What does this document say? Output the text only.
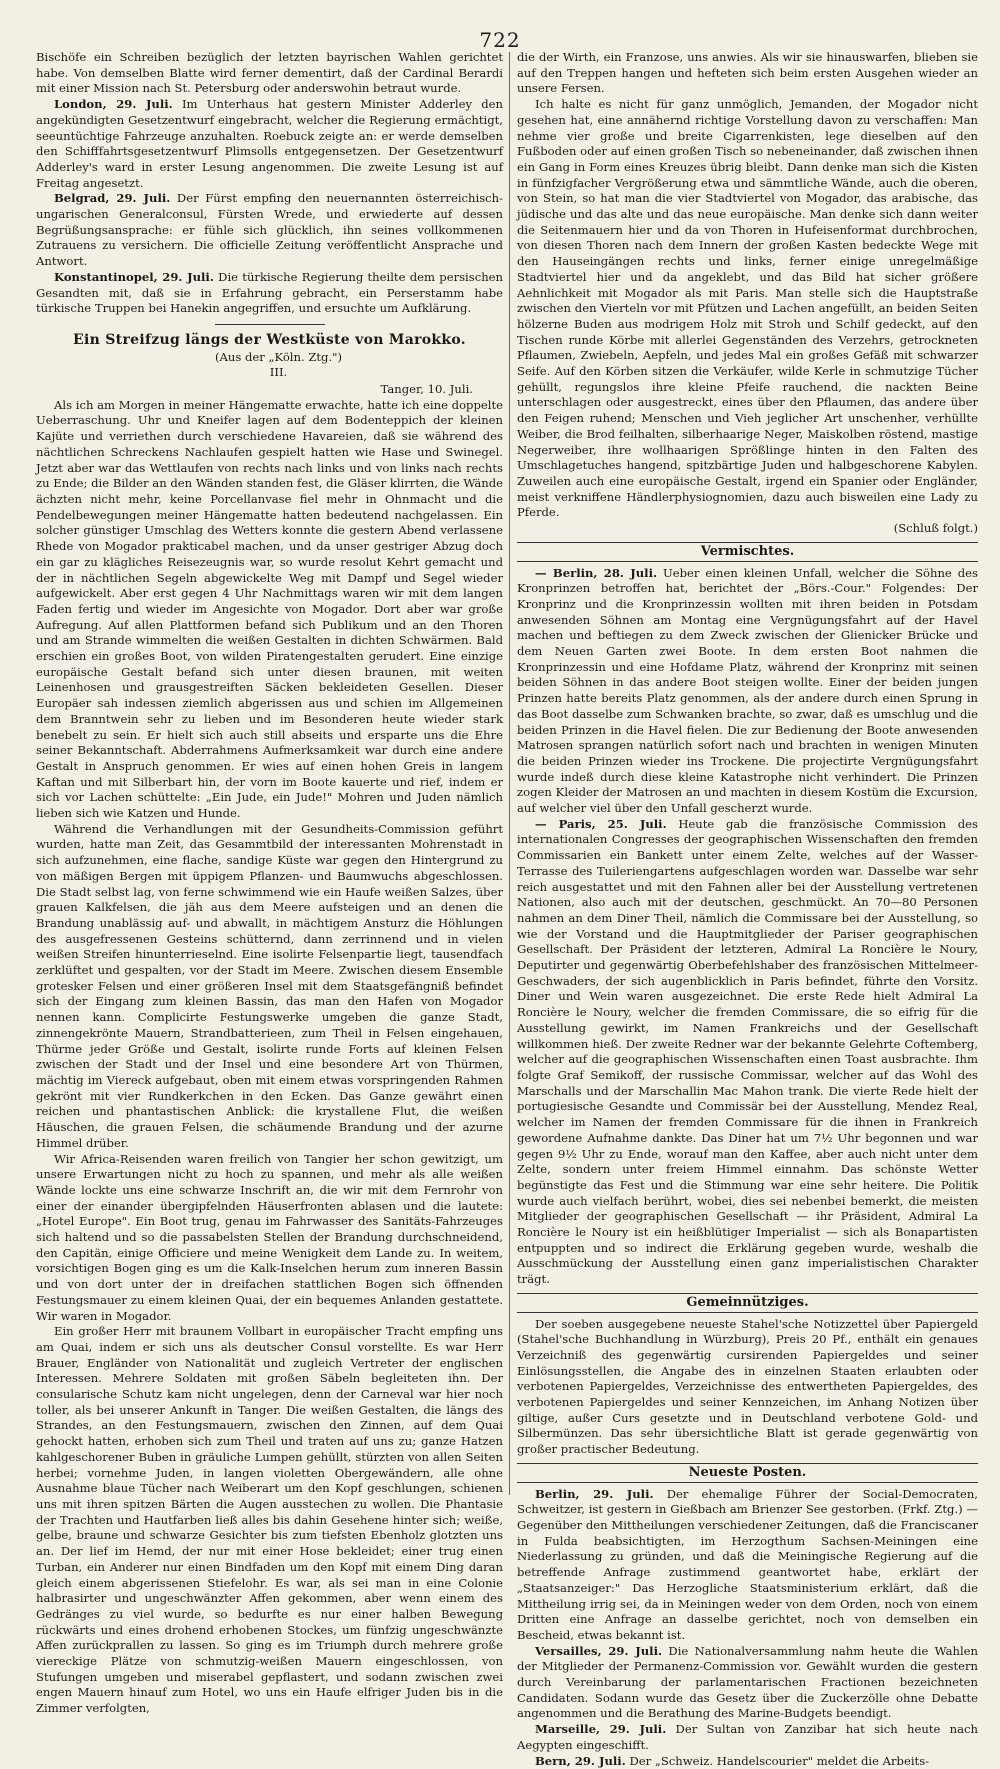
722

Bischöfe ein Schreiben bezüglich der letzten bayrischen Wahlen gerichtet habe. Von demselben Blatte wird ferner dementirt, daß der Cardinal Berardi mit einer Mission nach St. Petersburg oder anderswohin betraut wurde.

London, 29. Juli. Im Unterhaus hat gestern Minister Adderley den angekündigten Gesetzentwurf eingebracht, welcher die Regierung ermächtigt, seeuntüchtige Fahrzeuge anzuhalten. Roebuck zeigte an: er werde demselben den Schifffahrtsgesetzentwurf Plimsolls entgegensetzen. Der Gesetzentwurf Adderley's ward in erster Lesung angenommen. Die zweite Lesung ist auf Freitag angesetzt.

Belgrad, 29. Juli. Der Fürst empfing den neuernannten österreichisch-ungarischen Generalconsul, Fürsten Wrede, und erwiederte auf dessen Begrüßungsansprache: er fühle sich glücklich, ihn seines vollkommenen Zutrauens zu versichern. Die officielle Zeitung veröffentlicht Ansprache und Antwort.

Konstantinopel, 29. Juli. Die türkische Regierung theilte dem persischen Gesandten mit, daß sie in Erfahrung gebracht, ein Perserstamm habe türkische Truppen bei Hanekin angegriffen, und ersuchte um Aufklärung.

Ein Streifzug längs der Westküste von Marokko.

(Aus der „Köln. Ztg.")

III.

Tanger, 10. Juli.

Als ich am Morgen in meiner Hängematte erwachte, hatte ich eine doppelte Ueberraschung. Uhr und Kneifer lagen auf dem Bodenteppich der kleinen Kajüte und verriethen durch verschiedene Havareien, daß sie während des nächtlichen Schreckens Nachlaufen gespielt hatten wie Hase und Swinegel. Jetzt aber war das Wettlaufen von rechts nach links und von links nach rechts zu Ende; die Bilder an den Wänden standen fest, die Gläser klirrten, die Wände ächzten nicht mehr, keine Porcellanvase fiel mehr in Ohnmacht und die Pendelbewegungen meiner Hängematte hatten bedeutend nachgelassen. Ein solcher günstiger Umschlag des Wetters konnte die gestern Abend verlassene Rhede von Mogador prakticabel machen, und da unser gestriger Abzug doch ein gar zu klägliches Reisezeugnis war, so wurde resolut Kehrt gemacht und der in nächtlichen Segeln abgewickelte Weg mit Dampf und Segel wieder aufgewickelt. Aber erst gegen 4 Uhr Nachmittags waren wir mit dem langen Faden fertig und wieder im Angesichte von Mogador. Dort aber war große Aufregung. Auf allen Plattformen befand sich Publikum und an den Thoren und am Strande wimmelten die weißen Gestalten in dichten Schwärmen. Bald erschien ein großes Boot, von wilden Piratengestalten gerudert. Eine einzige europäische Gestalt befand sich unter diesen braunen, mit weiten Leinenhosen und grausgestreiften Säcken bekleideten Gesellen. Dieser Europäer sah indessen ziemlich abgerissen aus und schien im Allgemeinen dem Branntwein sehr zu lieben und im Besonderen heute wieder stark benebelt zu sein. Er hielt sich auch still abseits und ersparte uns die Ehre seiner Bekanntschaft. Abderrahmens Aufmerksamkeit war durch eine andere Gestalt in Anspruch genommen. Er wies auf einen hohen Greis in langem Kaftan und mit Silberbart hin, der vorn im Boote kauerte und rief, indem er sich vor Lachen schüttelte: „Ein Jude, ein Jude!" Mohren und Juden nämlich lieben sich wie Katzen und Hunde.

Während die Verhandlungen mit der Gesundheits-Commission geführt wurden, hatte man Zeit, das Gesammtbild der interessanten Mohrenstadt in sich aufzunehmen, eine flache, sandige Küste war gegen den Hintergrund zu von mäßigen Bergen mit üppigem Pflanzen- und Baumwuchs abgeschlossen. Die Stadt selbst lag, von ferne schwimmend wie ein Haufe weißen Salzes, über grauen Kalkfelsen, die jäh aus dem Meere aufsteigen und an denen die Brandung unablässig auf- und abwallt, in mächtigem Ansturz die Höhlungen des ausgefressenen Gesteins schütternd, dann zerrinnend und in vielen weißen Streifen hinunterrieselnd. Eine isolirte Felsenpartie liegt, tausendfach zerklüftet und gespalten, vor der Stadt im Meere. Zwischen diesem Ensemble grotesker Felsen und einer größeren Insel mit dem Staatsgefängniß befindet sich der Eingang zum kleinen Bassin, das man den Hafen von Mogador nennen kann. Complicirte Festungswerke umgeben die ganze Stadt, zinnengekrönte Mauern, Strandbatterieen, zum Theil in Felsen eingehauen, Thürme jeder Größe und Gestalt, isolirte runde Forts auf kleinen Felsen zwischen der Stadt und der Insel und eine besondere Art von Thürmen, mächtig im Viereck aufgebaut, oben mit einem etwas vorspringenden Rahmen gekrönt mit vier Rundkerkchen in den Ecken. Das Ganze gewährt einen reichen und phantastischen Anblick: die krystallene Flut, die weißen Häuschen, die grauen Felsen, die schäumende Brandung und der azurne Himmel drüber.

Wir Africa-Reisenden waren freilich von Tangier her schon gewitzigt, um unsere Erwartungen nicht zu hoch zu spannen, und mehr als alle weißen Wände lockte uns eine schwarze Inschrift an, die wir mit dem Fernrohr von einer der einander übergipfelnden Häuserfronten ablasen und die lautete: „Hotel Europe". Ein Boot trug, genau im Fahrwasser des Sanitäts-Fahrzeuges sich haltend und so die passabelsten Stellen der Brandung durchschneidend, den Capitän, einige Officiere und meine Wenigkeit dem Lande zu. In weitem, vorsichtigen Bogen ging es um die Kalk-Inselchen herum zum inneren Bassin und von dort unter der in dreifachen stattlichen Bogen sich öffnenden Festungsmauer zu einem kleinen Quai, der ein bequemes Anlanden gestattete. Wir waren in Mogador.

Ein großer Herr mit braunem Vollbart in europäischer Tracht empfing uns am Quai, indem er sich uns als deutscher Consul vorstellte. Es war Herr Brauer, Engländer von Nationalität und zugleich Vertreter der englischen Interessen. Mehrere Soldaten mit großen Säbeln begleiteten ihn. Der consularische Schutz kam nicht ungelegen, denn der Carneval war hier noch toller, als bei unserer Ankunft in Tanger. Die weißen Gestalten, die längs des Strandes, an den Festungsmauern, zwischen den Zinnen, auf dem Quai gehockt hatten, erhoben sich zum Theil und traten auf uns zu; ganze Hatzen kahlgeschorener Buben in gräuliche Lumpen gehüllt, stürzten von allen Seiten herbei; vornehme Juden, in langen violetten Obergewändern, alle ohne Ausnahme blaue Tücher nach Weiberart um den Kopf geschlungen, schienen uns mit ihren spitzen Bärten die Augen ausstechen zu wollen. Die Phantasie der Trachten und Hautfarben ließ alles bis dahin Gesehene hinter sich; weiße, gelbe, braune und schwarze Gesichter bis zum tiefsten Ebenholz glotzten uns an. Der lief im Hemd, der nur mit einer Hose bekleidet; einer trug einen Turban, ein Anderer nur einen Bindfaden um den Kopf mit einem Ding daran gleich einem abgerissenen Stiefelohr. Es war, als sei man in eine Colonie halbrasirter und ungeschwänzter Affen gekommen, aber wenn einem des Gedränges zu viel wurde, so bedurfte es nur einer halben Bewegung rückwärts und eines drohend erhobenen Stockes, um fünfzig ungeschwänzte Affen zurückprallen zu lassen. So ging es im Triumph durch mehrere große viereckige Plätze von schmutzig-weißen Mauern eingeschlossen, von Stufungen umgeben und miserabel gepflastert, und sodann zwischen zwei engen Mauern hinauf zum Hotel, wo uns ein Haufe elfriger Juden bis in die Zimmer verfolgten,

die der Wirth, ein Franzose, uns anwies. Als wir sie hinauswarfen, blieben sie auf den Treppen hangen und hefteten sich beim ersten Ausgehen wieder an unsere Fersen.

Ich halte es nicht für ganz unmöglich, Jemanden, der Mogador nicht gesehen hat, eine annähernd richtige Vorstellung davon zu verschaffen: Man nehme vier große und breite Cigarrenkisten, lege dieselben auf den Fußboden oder auf einen großen Tisch so nebeneinander, daß zwischen ihnen ein Gang in Form eines Kreuzes übrig bleibt. Dann denke man sich die Kisten in fünfzigfacher Vergrößerung etwa und sämmtliche Wände, auch die oberen, von Stein, so hat man die vier Stadtviertel von Mogador, das arabische, das jüdische und das alte und das neue europäische. Man denke sich dann weiter die Seitenmauern hier und da von Thoren in Hufeisenformat durchbrochen, von diesen Thoren nach dem Innern der großen Kasten bedeckte Wege mit den Hauseingängen rechts und links, ferner einige unregelmäßige Stadtviertel hier und da angeklebt, und das Bild hat sicher größere Aehnlichkeit mit Mogador als mit Paris. Man stelle sich die Hauptstraße zwischen den Vierteln vor mit Pfützen und Lachen angefüllt, an beiden Seiten hölzerne Buden aus modrigem Holz mit Stroh und Schilf gedeckt, auf den Tischen runde Körbe mit allerlei Gegenständen des Verzehrs, getrockneten Pflaumen, Zwiebeln, Aepfeln, und jedes Mal ein großes Gefäß mit schwarzer Seife. Auf den Körben sitzen die Verkäufer, wilde Kerle in schmutzige Tücher gehüllt, regungslos ihre kleine Pfeife rauchend, die nackten Beine unterschlagen oder ausgestreckt, eines über den Pflaumen, das andere über den Feigen ruhend; Menschen und Vieh jeglicher Art unschenher, verhüllte Weiber, die Brod feilhalten, silberhaarige Neger, Maiskolben röstend, mastige Negerweiber, ihre wollhaarigen Sprößlinge hinten in den Falten des Umschlagetuches hangend, spitzbärtige Juden und halbgeschorene Kabylen. Zuweilen auch eine europäische Gestalt, irgend ein Spanier oder Engländer, meist verkniffene Händlerphysiognomien, dazu auch bisweilen eine Lady zu Pferde.

(Schluß folgt.)

Vermischtes.

— Berlin, 28. Juli. Ueber einen kleinen Unfall, welcher die Söhne des Kronprinzen betroffen hat, berichtet der „Börs.-Cour." Folgendes: Der Kronprinz und die Kronprinzessin wollten mit ihren beiden in Potsdam anwesenden Söhnen am Montag eine Vergnügungsfahrt auf der Havel machen und beftiegen zu dem Zweck zwischen der Glienicker Brücke und dem Neuen Garten zwei Boote. In dem ersten Boot nahmen die Kronprinzessin und eine Hofdame Platz, während der Kronprinz mit seinen beiden Söhnen in das andere Boot steigen wollte. Einer der beiden jungen Prinzen hatte bereits Platz genommen, als der andere durch einen Sprung in das Boot dasselbe zum Schwanken brachte, so zwar, daß es umschlug und die beiden Prinzen in die Havel fielen. Die zur Bedienung der Boote anwesenden Matrosen sprangen natürlich sofort nach und brachten in wenigen Minuten die beiden Prinzen wieder ins Trockene. Die projectirte Vergnügungsfahrt wurde indeß durch diese kleine Katastrophe nicht verhindert. Die Prinzen zogen Kleider der Matrosen an und machten in diesem Kostüm die Excursion, auf welcher viel über den Unfall gescherzt wurde.

— Paris, 25. Juli. Heute gab die französische Commission des internationalen Congresses der geographischen Wissenschaften den fremden Commissarien ein Bankett unter einem Zelte, welches auf der Wasser-Terrasse des Tuileriengartens aufgeschlagen worden war. Dasselbe war sehr reich ausgestattet und mit den Fahnen aller bei der Ausstellung vertretenen Nationen, also auch mit der deutschen, geschmückt. An 70—80 Personen nahmen an dem Diner Theil, nämlich die Commissare bei der Ausstellung, so wie der Vorstand und die Hauptmitglieder der Pariser geographischen Gesellschaft. Der Präsident der letzteren, Admiral La Roncière le Noury, Deputirter und gegenwärtig Oberbefehlshaber des französischen Mittelmeer-Geschwaders, der sich augenblicklich in Paris befindet, führte den Vorsitz. Diner und Wein waren ausgezeichnet. Die erste Rede hielt Admiral La Roncière le Noury, welcher die fremden Commissare, die so eifrig für die Ausstellung gewirkt, im Namen Frankreichs und der Gesellschaft willkommen hieß. Der zweite Redner war der bekannte Gelehrte Coftemberg, welcher auf die geographischen Wissenschaften einen Toast ausbrachte. Ihm folgte Graf Semikoff, der russische Commissar, welcher auf das Wohl des Marschalls und der Marschallin Mac Mahon trank. Die vierte Rede hielt der portugiesische Gesandte und Commissär bei der Ausstellung, Mendez Real, welcher im Namen der fremden Commissare für die ihnen in Frankreich gewordene Aufnahme dankte. Das Diner hat um 7½ Uhr begonnen und war gegen 9½ Uhr zu Ende, worauf man den Kaffee, aber auch nicht unter dem Zelte, sondern unter freiem Himmel einnahm. Das schönste Wetter begünstigte das Fest und die Stimmung war eine sehr heitere. Die Politik wurde auch vielfach berührt, wobei, dies sei nebenbei bemerkt, die meisten Mitglieder der geographischen Gesellschaft — ihr Präsident, Admiral La Roncière le Noury ist ein heißblütiger Imperialist — sich als Bonapartisten entpuppten und so indirect die Erklärung gegeben wurde, weshalb die Ausschmückung der Ausstellung einen ganz imperialistischen Charakter trägt.

Gemeinnütziges.

Der soeben ausgegebene neueste Stahel'sche Notizzettel über Papiergeld (Stahel'sche Buchhandlung in Würzburg), Preis 20 Pf., enthält ein genaues Verzeichniß des gegenwärtig cursirenden Papiergeldes und seiner Einlösungsstellen, die Angabe des in einzelnen Staaten erlaubten oder verbotenen Papiergeldes, Verzeichnisse des entwertheten Papiergeldes, des verbotenen Papiergeldes und seiner Kennzeichen, im Anhang Notizen über giltige, außer Curs gesetzte und in Deutschland verbotene Gold- und Silbermünzen. Das sehr übersichtliche Blatt ist gerade gegenwärtig von großer practischer Bedeutung.

Neueste Posten.

Berlin, 29. Juli. Der ehemalige Führer der Social-Democraten, Schweitzer, ist gestern in Gießbach am Brienzer See gestorben. (Frkf. Ztg.) — Gegenüber den Mittheilungen verschiedener Zeitungen, daß die Franciscaner in Fulda beabsichtigten, im Herzogthum Sachsen-Meiningen eine Niederlassung zu gründen, und daß die Meiningische Regierung auf die betreffende Anfrage zustimmend geantwortet habe, erklärt der „Staatsanzeiger:" Das Herzogliche Staatsministerium erklärt, daß die Mittheilung irrig sei, da in Meiningen weder von dem Orden, noch von einem Dritten eine Anfrage an dasselbe gerichtet, noch von demselben ein Bescheid, etwas bekannt ist.

Versailles, 29. Juli. Die Nationalversammlung nahm heute die Wahlen der Mitglieder der Permanenz-Commission vor. Gewählt wurden die gestern durch Vereinbarung der parlamentarischen Fractionen bezeichneten Candidaten. Sodann wurde das Gesetz über die Zuckerzölle ohne Debatte angenommen und die Berathung des Marine-Budgets beendigt.

Marseille, 29. Juli. Der Sultan von Zanzibar hat sich heute nach Aegypten eingeschifft.

Bern, 29. Juli. Der „Schweiz. Handelscourier" meldet die Arbeits-
